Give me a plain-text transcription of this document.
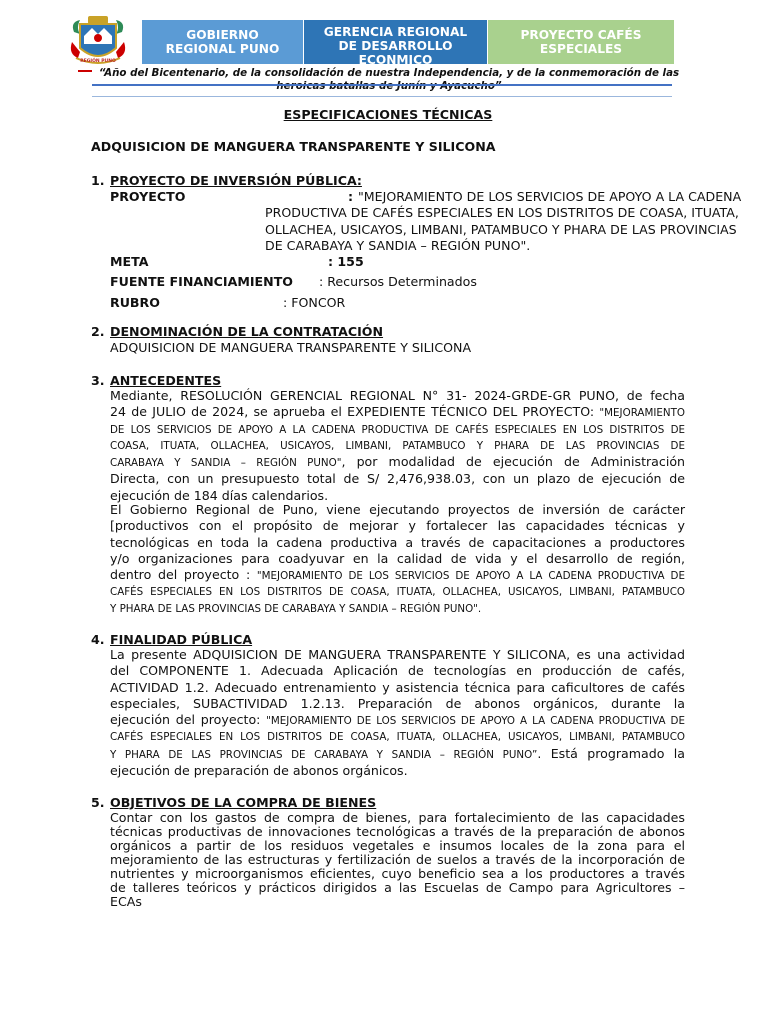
REGIÓN PUNO
GOBIERNO
REGIONAL PUNO
GERENCIA REGIONAL
DE DESARROLLO
ECONMICO
PROYECTO CAFÉS
ESPECIALES
“Año del Bicentenario, de la consolidación de nuestra Independencia, y de la conmemoración de las

ESPECIFICACIONES TÉCNICAS
ADQUISICION DE MANGUERA TRANSPARENTE Y SILICONA
1. PROYECTO DE INVERSIÓN PÚBLICA:
PROYECTO	: "MEJORAMIENTO DE LOS SERVICIOS DE APOYO A LA CADENA
PRODUCTIVA DE CAFÉS ESPECIALES EN LOS DISTRITOS DE COASA, ITUATA,
OLLACHEA, USICAYOS, LIMBANI, PATAMBUCO Y PHARA DE LAS PROVINCIAS
DE CARABAYA Y SANDIA – REGIÓN PUNO".
META	: 155
FUENTE FINANCIAMIENTO : Recursos Determinados
RUBRO	: FONCOR
2. DENOMINACIÓN DE LA CONTRATACIÓN
ADQUISICION DE MANGUERA TRANSPARENTE Y SILICONA
3. ANTECEDENTES
Mediante, RESOLUCIÓN GERENCIAL REGIONAL N° 31- 2024-GRDE-GR PUNO, de fecha
24 de JULIO de 2024, se aprueba el EXPEDIENTE TÉCNICO DEL PROYECTO: "MEJORAMIENTO
DE LOS SERVICIOS DE APOYO A LA CADENA PRODUCTIVA DE CAFÉS ESPECIALES EN LOS DISTRITOS DE
COASA, ITUATA, OLLACHEA, USICAYOS, LIMBANI, PATAMBUCO Y PHARA DE LAS PROVINCIAS DE
CARABAYA Y SANDIA – REGIÓN PUNO", por modalidad de ejecución de Administración
Directa, con un presupuesto total de S/ 2,476,938.03, con un plazo de ejecución de
ejecución de 184 días calendarios.
El Gobierno Regional de Puno, viene ejecutando proyectos de inversión de carácter
[productivos con el propósito de mejorar y fortalecer las capacidades técnicas y
tecnológicas en toda la cadena productiva a través de capacitaciones a productores
y/o organizaciones para coadyuvar en la calidad de vida y el desarrollo de región,
dentro del proyecto : "MEJORAMIENTO DE LOS SERVICIOS DE APOYO A LA CADENA PRODUCTIVA DE
CAFÉS ESPECIALES EN LOS DISTRITOS DE COASA, ITUATA, OLLACHEA, USICAYOS, LIMBANI, PATAMBUCO
Y PHARA DE LAS PROVINCIAS DE CARABAYA Y SANDIA – REGIÓN PUNO".
4. FINALIDAD PÚBLICA
La presente ADQUISICION DE MANGUERA TRANSPARENTE Y SILICONA, es una actividad
del COMPONENTE 1. Adecuada Aplicación de tecnologías en producción de cafés,
ACTIVIDAD 1.2. Adecuado entrenamiento y asistencia técnica para caficultores de cafés
especiales, SUBACTIVIDAD 1.2.13. Preparación de abonos orgánicos, durante la
ejecución del proyecto: "MEJORAMIENTO DE LOS SERVICIOS DE APOYO A LA CADENA PRODUCTIVA DE
CAFÉS ESPECIALES EN LOS DISTRITOS DE COASA, ITUATA, OLLACHEA, USICAYOS, LIMBANI, PATAMBUCO
Y PHARA DE LAS PROVINCIAS DE CARABAYA Y SANDIA – REGIÓN PUNO”. Está programado la
ejecución de preparación de abonos orgánicos.
5. OBJETIVOS DE LA COMPRA DE BIENES
Contar con los gastos de compra de bienes, para fortalecimiento de las capacidades
técnicas productivas de innovaciones tecnológicas a través de la preparación de abonos
orgánicos a partir de los residuos vegetales e insumos locales de la zona para el
mejoramiento de las estructuras y fertilización de suelos a través de la incorporación de
nutrientes y microorganismos eficientes, cuyo beneficio sea a los productores a través
de talleres teóricos y prácticos dirigidos a las Escuelas de Campo para Agricultores –
ECAs
